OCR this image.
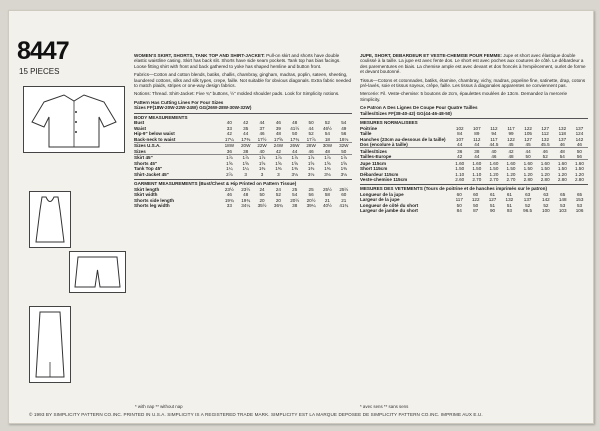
8447
15 PIECES
WOMEN'S SKIRT, SHORTS, TANK TOP AND SHIRT-JACKET: Pull-on skirt and shorts have double elastic waistline casing. Skirt has back slit. Shorts have side seam pockets. Tank top has bias facings. Loose fitting shirt with front and back gathered to yoke has shaped hemline and button front.
Fabrics—Cotton and cotton blends, batiks, challis, chambray, gingham, madras, poplin, sateen, sheeting, laundered cottons, silks and silk types, crepe, faille. Not suitable for obvious diagonals. Extra fabric needed to match plaids, stripes or one-way design fabrics.
Notions: Thread. Shirt-Jacket: Five ¾" buttons, ½" molded shoulder pads. Look for Simplicity notions.
Pattern Has Cutting Lines For Four Sizes
Sizes FF(18W-20W-22W-24W) GG(26W-28W-30W-32W)
BODY MEASUREMENTS
Bust	40	42	44	46	48	50	52	54
Waist	33	35	37	39	41½	44	46½	49
Hip-9" below waist	42	44	46	48	50	52	54	56
Back-neck to waist	17¼	17⅜	17½	17⅝	17¾	17⅞	18	18⅛
Sizes U.S.A.	18W	20W	22W	24W	26W	28W	30W	32W
Sizes	36	38	40	42	44	46	48	50
Skirt 45"	1⅞	1⅞	1⅞	1⅞	1⅞	1⅞	1⅞	1⅞
Shorts 45"	1⅝	1⅝	1⅝	1⅝	1⅝	1⅝	1⅝	1⅝
Tank Top 45"	1¼	1¼	1⅜	1⅜	1⅜	1⅜	1⅜	1⅜
Shirt-Jacket 45"	2⅞	3	3	3	3⅛	3⅛	3⅛	3⅛
GARMENT MEASUREMENTS (Bust/Chest & Hip Printed on Pattern Tissue)
Skirt length	23½	23½	24	24	25	25	25½	25½
Skirt width	46	48	50	52	54	56	58	60
Shorts side length	19¾	19¾	20	20	20½	20½	21	21
Shorts leg width	33	34¼	35½	36¾	38	39¼	40½	41¾
JUPE, SHORT, DEBARDEUR ET VESTE-CHEMISE POUR FEMME: Jupe et short avec élastique double coulissé à la taille. La jupe est avec fente dos. Le short est avec poches aux coutures de côté. Le débardeur a des parementures en biais. La chemise ample est avec devant et dos froncés à l'empiècement, ourlet de forme et devant boutonné.
Tissus—Cotons et cotonnades, batiks, étamine, chambray, vichy, madras, popeline fine, satinette, drap, cotons pré-lavés, soie et tissus soyeux, crêpe, faille. Les tissus à diagonales apparentes ne conviennent pas.
Mercerie: Fil. Veste-chemise: 5 boutons de 2cm, épaulettes moulées de 13cm. Demandez la mercerie Simplicity.
Ce Patron A Des Lignes De Coupe Pour Quatre Tailles
Tailles/Sizes FF(38-40-42) GG(44-46-48-50)
MESURES NORMALISEES
Poitrine	102	107	112	117	122	127	132	137
Taille	84	89	94	99	105	112	118	124
Hanches (23cm au-dessous de la taille)	107	112	117	122	127	132	137	142
Dos (encolure à taille)	44	44	44.5	45	45	45.5	46	46
Tailles/Sizes	36	38	40	42	44	46	48	50
Tailles-Europe	42	44	46	48	50	52	54	56
Jupe 115cm	1.60	1.60	1.60	1.60	1.60	1.60	1.60	1.60
Short 115cm	1.50	1.50	1.50	1.50	1.50	1.50	1.50	1.50
Débardeur 115cm	1.10	1.10	1.20	1.20	1.20	1.20	1.20	1.20
Veste-chemise 115cm	2.60	2.70	2.70	2.70	2.80	2.80	2.80	2.80
MESURES DES VETEMENTS (Tours de poitrine et de hanches imprimés sur le patron)
Longueur de la jupe	60	60	61	61	63	63	65	65
Largeur de la jupe	117	122	127	132	137	142	148	153
Longueur de côté du short	50	50	51	51	52	52	53	53
Largeur de jambe du short	84	87	90	93	96.5	100	103	106
* with nap ** without nap	* avec sens ** sans sens
© 1993 BY SIMPLICITY PATTERN CO.INC. PRINTED IN U.S.A. SIMPLICITY IS A REGISTERED TRADE MARK. SIMPLICITY EST LA MARQUE DEPOSEE DE SIMPLICITY PATTERN CO.INC. IMPRIME AUX E.U.
